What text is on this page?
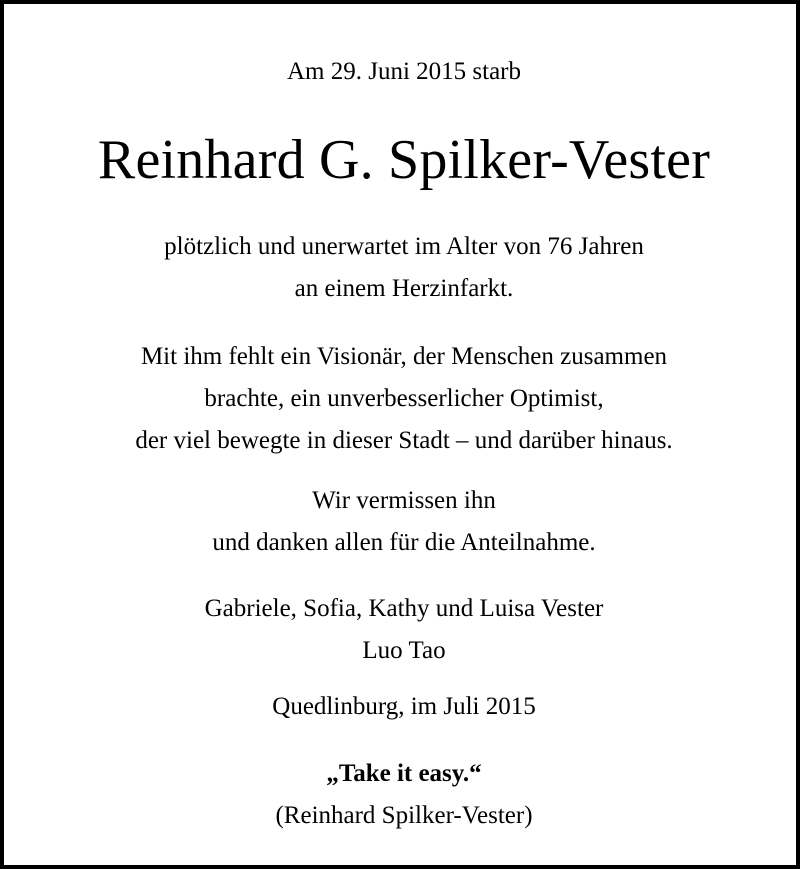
Am 29. Juni 2015 starb
Reinhard G. Spilker-Vester
plötzlich und unerwartet im Alter von 76 Jahren
an einem Herzinfarkt.
Mit ihm fehlt ein Visionär, der Menschen zusammen
brachte, ein unverbesserlicher Optimist,
der viel bewegte in dieser Stadt – und darüber hinaus.
Wir vermissen ihn
und danken allen für die Anteilnahme.
Gabriele, Sofia, Kathy und Luisa Vester
Luo Tao
Quedlinburg, im Juli 2015
„Take it easy.“
(Reinhard Spilker-Vester)
